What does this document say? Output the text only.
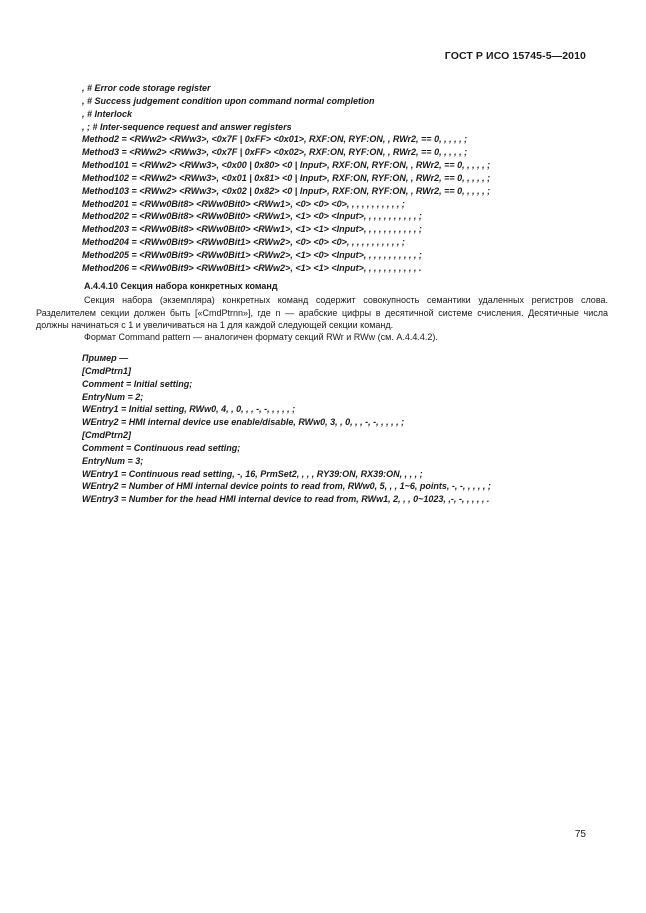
ГОСТ Р ИСО 15745-5—2010
, # Error code storage register
, # Success judgement condition upon command normal completion
, # Interlock
, ; # Inter-sequence request and answer registers
Method2 = <RWw2> <RWw3>, <0x7F | 0xFF> <0x01>, RXF:ON, RYF:ON, , RWr2, == 0, , , , , ;
Method3 = <RWw2> <RWw3>, <0x7F | 0xFF> <0x02>, RXF:ON, RYF:ON, , RWr2, == 0, , , , , ;
Method101 = <RWw2> <RWw3>, <0x00 | 0x80> <0 | Input>, RXF:ON, RYF:ON, , RWr2, == 0, , , , , ;
Method102 = <RWw2> <RWw3>, <0x01 | 0x81> <0 | Input>, RXF:ON, RYF:ON, , RWr2, == 0, , , , , ;
Method103 = <RWw2> <RWw3>, <0x02 | 0x82> <0 | Input>, RXF:ON, RYF:ON, , RWr2, == 0, , , , , ;
Method201 = <RWw0Bit8> <RWw0Bit0> <RWw1>, <0> <0> <0>, , , , , , , , , , , ;
Method202 = <RWw0Bit8> <RWw0Bit0> <RWw1>, <1> <0> <Input>, , , , , , , , , , , ;
Method203 = <RWw0Bit8> <RWw0Bit0> <RWw1>, <1> <1> <Input>, , , , , , , , , , , ;
Method204 = <RWw0Bit9> <RWw0Bit1> <RWw2>, <0> <0> <0>, , , , , , , , , , , ;
Method205 = <RWw0Bit9> <RWw0Bit1> <RWw2>, <1> <0> <Input>, , , , , , , , , , , ;
Method206 = <RWw0Bit9> <RWw0Bit1> <RWw2>, <1> <1> <Input>, , , , , , , , , , , .
A.4.4.10 Секция набора конкретных команд

Секция набора (экземпляра) конкретных команд содержит совокупность семантики удаленных регистров слова. Разделителем секции должен быть [«CmdPtrnn»], где n — арабские цифры в десятичной системе счисления. Десятичные числа должны начинаться с 1 и увеличиваться на 1 для каждой следующей секции команд.

Формат Command pattern — аналогичен формату секций RWr и RWw (см. A.4.4.4.2).

Пример —
[CmdPtrn1]
Comment = Initial setting;
EntryNum = 2;
WEntry1 = Initial setting, RWw0, 4, , 0, , , -, -, , , , , ;
WEntry2 = HMI internal device use enable/disable, RWw0, 3, , 0, , , -, -, , , , , ;
[CmdPtrn2]
Comment = Continuous read setting;
EntryNum = 3;
WEntry1 = Continuous read setting, -, 16, PrmSet2, , , , RY39:ON, RX39:ON, , , , ;
WEntry2 = Number of HMI internal device points to read from, RWw0, 5, , , 1~6, points, -, -, , , , , ;
WEntry3 = Number for the head HMI internal device to read from, RWw1, 2, , , 0~1023, ,-, -, , , , , .
75
